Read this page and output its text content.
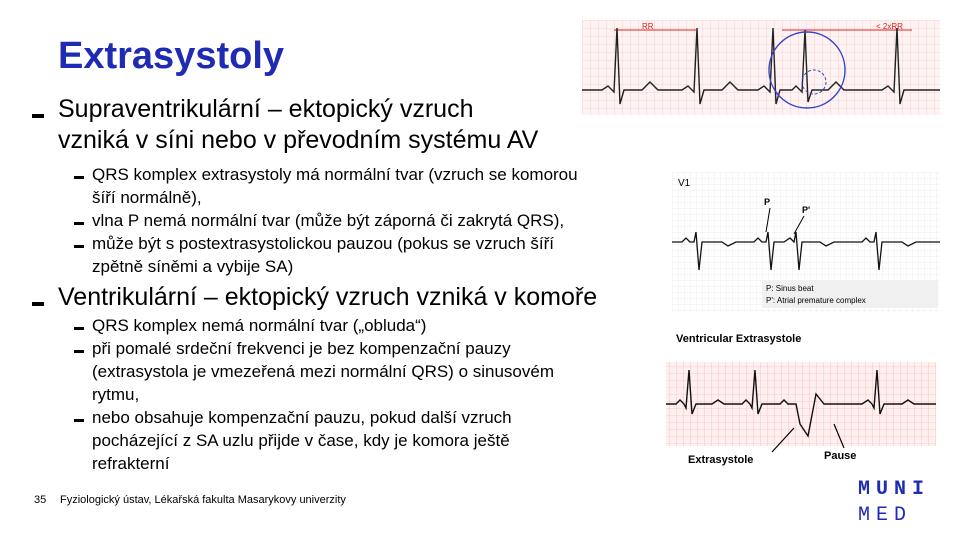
Extrasystoly
Supraventrikulární – ektopický vzruch
vzniká v síni nebo v převodním systému AV
QRS komplex extrasystoly má normální tvar (vzruch se komorou
šíří normálně),
vlna P nemá normální tvar (může být záporná či zakrytá QRS),
může být s postextrasystolickou pauzou (pokus se vzruch šíří
zpětně síněmi a vybije SA)
Ventrikulární – ektopický vzruch vzniká v komoře
QRS komplex nemá normální tvar („obluda“)
při pomalé srdeční frekvenci je bez kompenzační pauzy
(extrasystola je vmezeřená mezi normální QRS) o sinusovém
rytmu,
nebo obsahuje kompenzační pauzu, pokud další vzruch
pocházející z SA uzlu přijde v čase, kdy je komora ještě
refrakterní
RR	< 2xRR
V1
P
P'
P: Sinus beat
P': Atrial premature complex
Ventricular Extrasystole
Extrasystole	Pause
35 Fyziologický ústav, Lékařská fakulta Masarykovy univerzity	MUNI
MED
